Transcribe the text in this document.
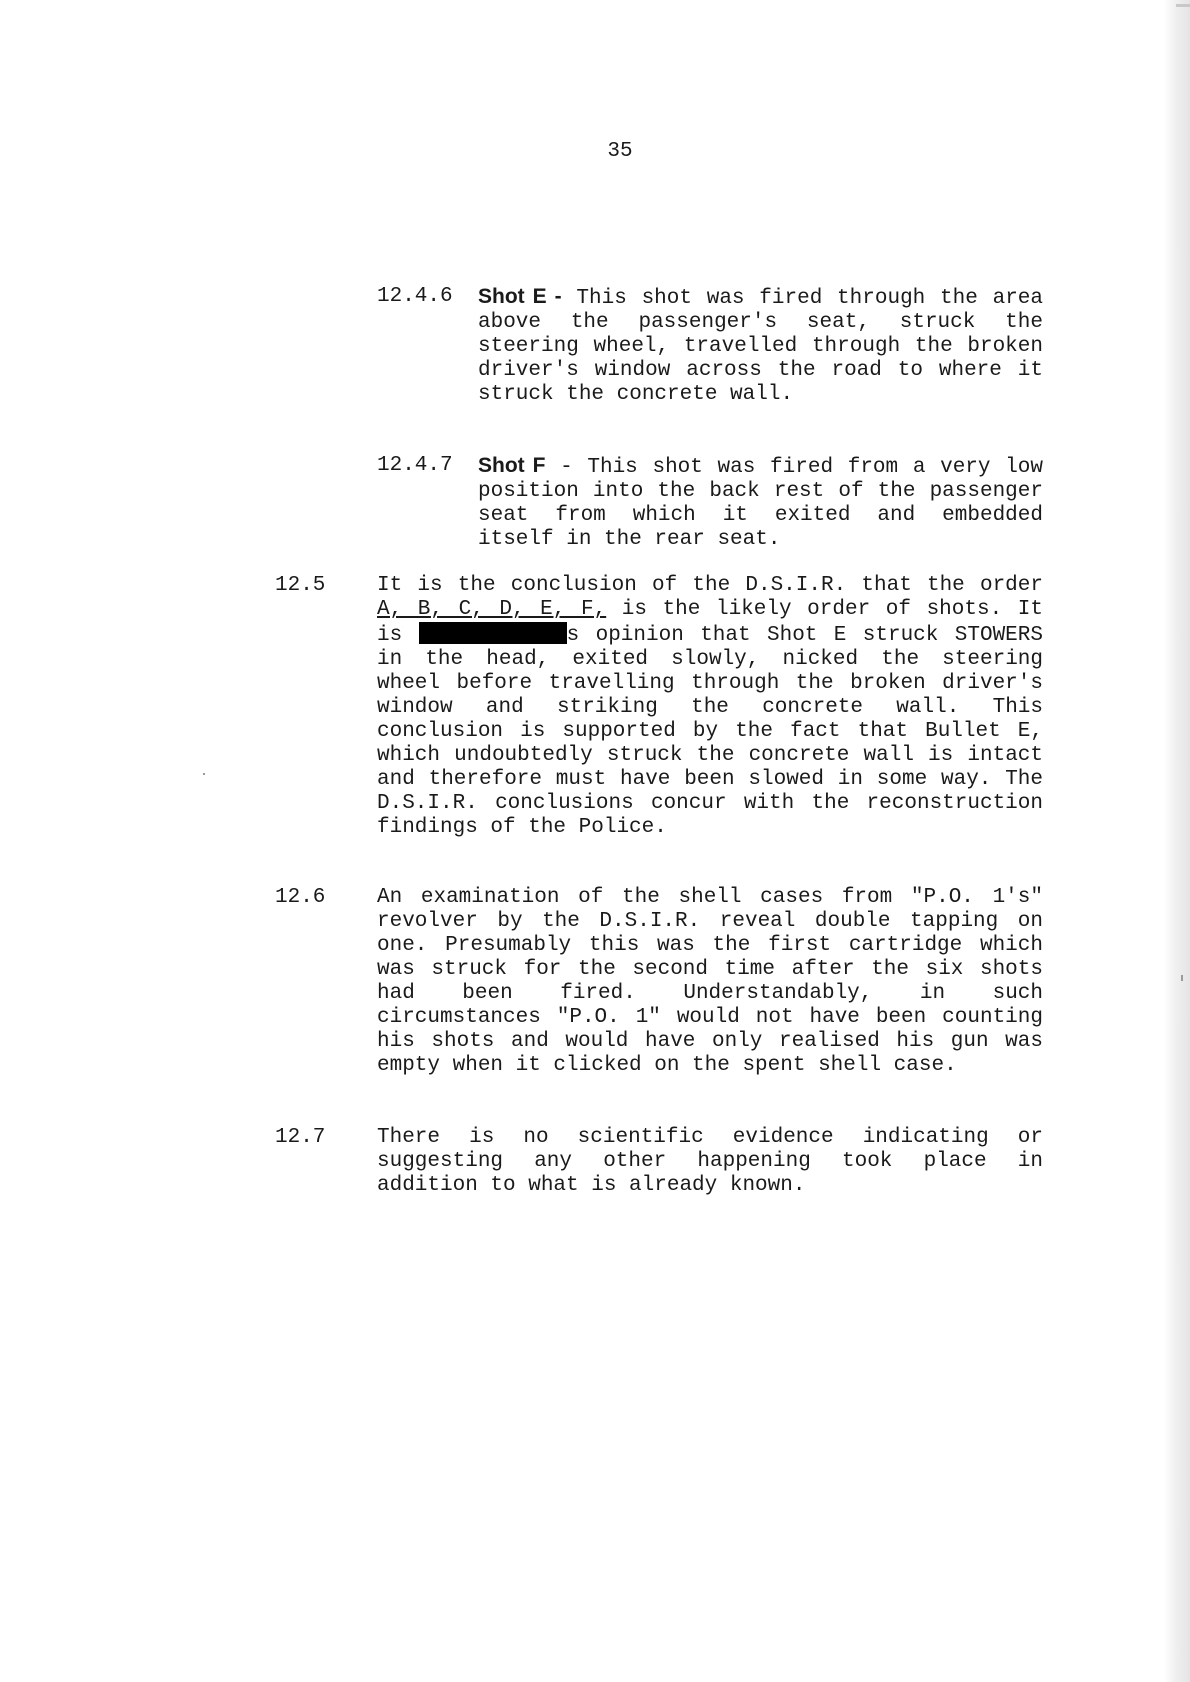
35

12.4.6 Shot E - This shot was fired through the area above the passenger's seat, struck the steering wheel, travelled through the broken driver's window across the road to where it struck the concrete wall.

12.4.7 Shot F - This shot was fired from a very low position into the back rest of the passenger seat from which it exited and embedded itself in the rear seat.

12.5 It is the conclusion of the D.S.I.R. that the order A, B, C, D, E, F, is the likely order of shots. It is	s opinion that Shot E struck STOWERS in the head, exited slowly, nicked the steering wheel before travelling through the broken driver's window and striking the concrete wall. This conclusion is supported by the fact that Bullet E, which undoubtedly struck the concrete wall is intact and therefore must have been slowed in some way. The D.S.I.R. conclusions concur with the reconstruction findings of the Police.

12.6 An examination of the shell cases from "P.O. 1's" revolver by the D.S.I.R. reveal double tapping on one. Presumably this was the first cartridge which was struck for the second time after the six shots had been fired. Understandably, in such circumstances "P.O. 1" would not have been counting his shots and would have only realised his gun was empty when it clicked on the spent shell case.

12.7 There is no scientific evidence indicating or suggesting any other happening took place in addition to what is already known.
